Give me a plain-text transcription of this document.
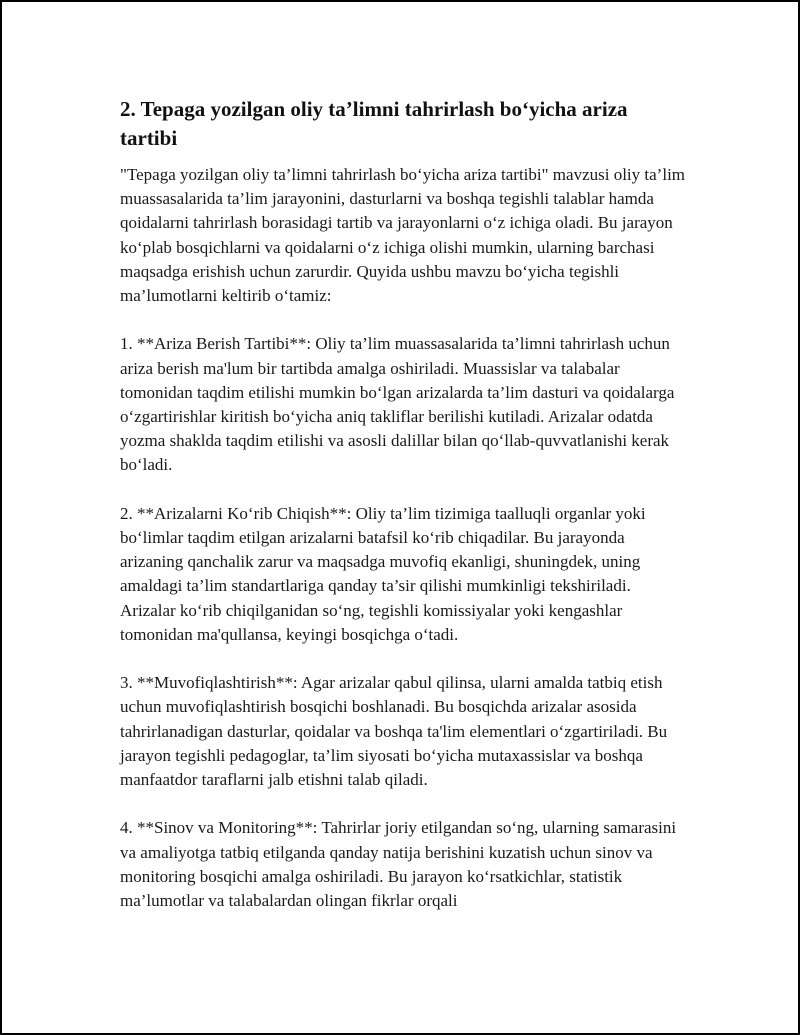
2. Tepaga yozilgan oliy ta’limni tahrirlash bo‘yicha ariza tartibi

"Tepaga yozilgan oliy ta’limni tahrirlash bo‘yicha ariza tartibi" mavzusi oliy ta’lim muassasalarida ta’lim jarayonini, dasturlarni va boshqa tegishli talablar hamda qoidalarni tahrirlash borasidagi tartib va jarayonlarni o‘z ichiga oladi. Bu jarayon ko‘plab bosqichlarni va qoidalarni o‘z ichiga olishi mumkin, ularning barchasi maqsadga erishish uchun zarurdir. Quyida ushbu mavzu bo‘yicha tegishli ma’lumotlarni keltirib o‘tamiz:

1. **Ariza Berish Tartibi**: Oliy ta’lim muassasalarida ta’limni tahrirlash uchun ariza berish ma'lum bir tartibda amalga oshiriladi. Muassislar va talabalar tomonidan taqdim etilishi mumkin bo‘lgan arizalarda ta’lim dasturi va qoidalarga o‘zgartirishlar kiritish bo‘yicha aniq takliflar berilishi kutiladi. Arizalar odatda yozma shaklda taqdim etilishi va asosli dalillar bilan qo‘llab-quvvatlanishi kerak bo‘ladi.

2. **Arizalarni Ko‘rib Chiqish**: Oliy ta’lim tizimiga taalluqli organlar yoki bo‘limlar taqdim etilgan arizalarni batafsil ko‘rib chiqadilar. Bu jarayonda arizaning qanchalik zarur va maqsadga muvofiq ekanligi, shuningdek, uning amaldagi ta’lim standartlariga qanday ta’sir qilishi mumkinligi tekshiriladi. Arizalar ko‘rib chiqilganidan so‘ng, tegishli komissiyalar yoki kengashlar tomonidan ma'qullansa, keyingi bosqichga o‘tadi.

3. **Muvofiqlashtirish**: Agar arizalar qabul qilinsa, ularni amalda tatbiq etish uchun muvofiqlashtirish bosqichi boshlanadi. Bu bosqichda arizalar asosida tahrirlanadigan dasturlar, qoidalar va boshqa ta'lim elementlari o‘zgartiriladi. Bu jarayon tegishli pedagoglar, ta’lim siyosati bo‘yicha mutaxassislar va boshqa manfaatdor taraflarni jalb etishni talab qiladi.

4. **Sinov va Monitoring**: Tahrirlar joriy etilgandan so‘ng, ularning samarasini va amaliyotga tatbiq etilganda qanday natija berishini kuzatish uchun sinov va monitoring bosqichi amalga oshiriladi. Bu jarayon ko‘rsatkichlar, statistik ma’lumotlar va talabalardan olingan fikrlar orqali
